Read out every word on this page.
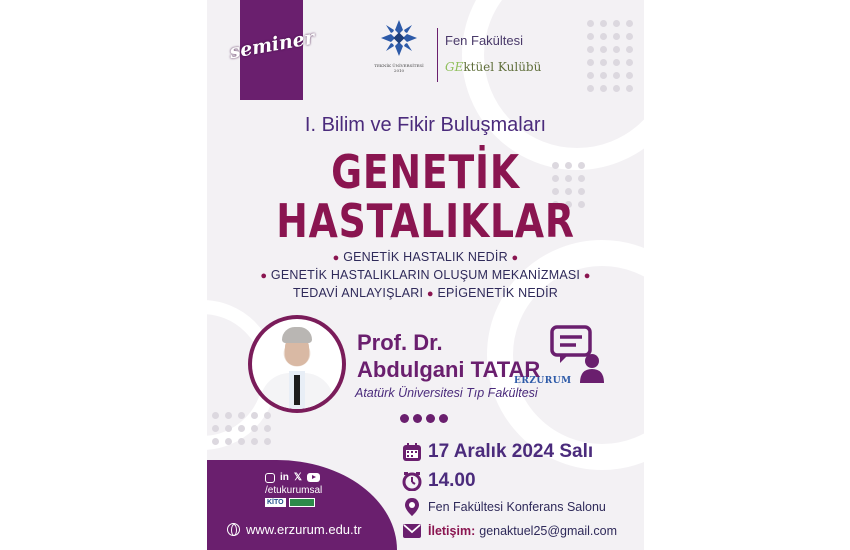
seminer
ERZURUM
TEKNİK ÜNİVERSİTESİ
2010
Fen Fakültesi
GEktüel Kulübü
I. Bilim ve Fikir Buluşmaları
GENETİK
HASTALIKLAR
● GENETİK HASTALIK NEDİR ●
● GENETİK HASTALIKLARIN OLUŞUM MEKANİZMASI ●
TEDAVİ ANLAYIŞLARI ● EPİGENETİK NEDİR
Prof. Dr.
Abdulgani TATAR
Atatürk Üniversitesi Tıp Fakültesi
17 Aralık 2024 Salı
14.00
Fen Fakültesi Konferans Salonu
İletişim: genaktuel25@gmail.com
in 𝕏
/etukurumsal
KİTO
www.erzurum.edu.tr
